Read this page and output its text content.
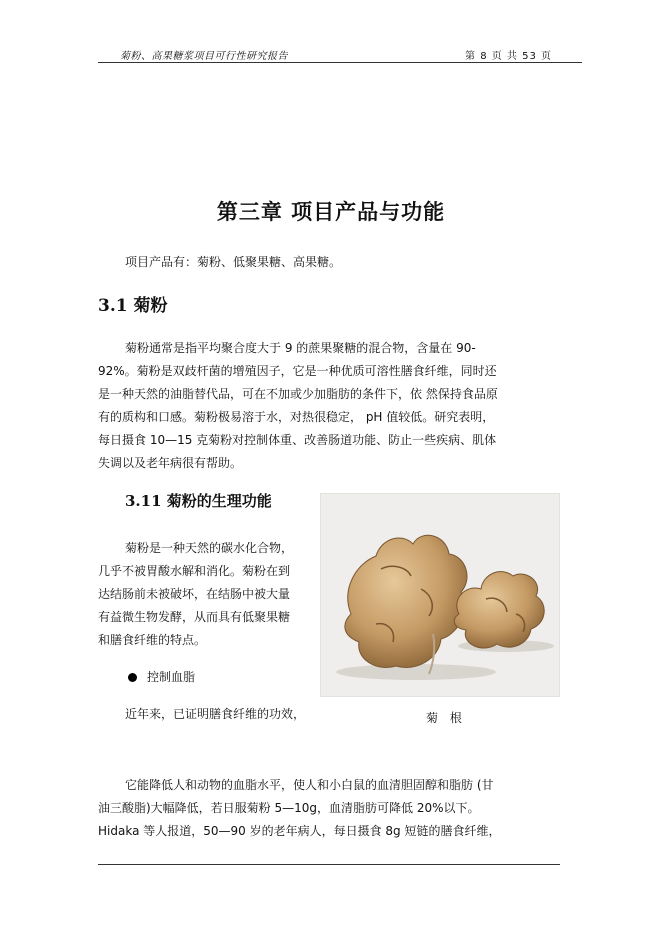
菊粉、高果糖浆项目可行性研究报告	第 8 页 共 53 页
第三章 项目产品与功能
项目产品有：菊粉、低聚果糖、高果糖。
3.1 菊粉
菊粉通常是指平均聚合度大于 9 的蔗果聚糖的混合物，含量在 90-
92%。菊粉是双歧杆菌的增殖因子，它是一种优质可溶性膳食纤维，同时还
是一种天然的油脂替代品，可在不加或少加脂肪的条件下，依 然保持食品原
有的质构和口感。菊粉极易溶于水，对热很稳定， pH 值较低。研究表明，
每日摄食 10—15 克菊粉对控制体重、改善肠道功能、防止一些疾病、肌体
失调以及老年病很有帮助。
3.11 菊粉的生理功能
菊粉是一种天然的碳水化合物，
几乎不被胃酸水解和消化。菊粉在到
达结肠前未被破坏，在结肠中被大量
有益微生物发酵，从而具有低聚果糖
和膳食纤维的特点。
控制血脂
近年来，已证明膳食纤维的功效，	菊 根
它能降低人和动物的血脂水平，使人和小白鼠的血清胆固醇和脂肪 (甘
油三酸脂)大幅降低，若日服菊粉 5—10g，血清脂肪可降低 20%以下。
Hidaka 等人报道，50—90 岁的老年病人，每日摄食 8g 短链的膳食纤维，
